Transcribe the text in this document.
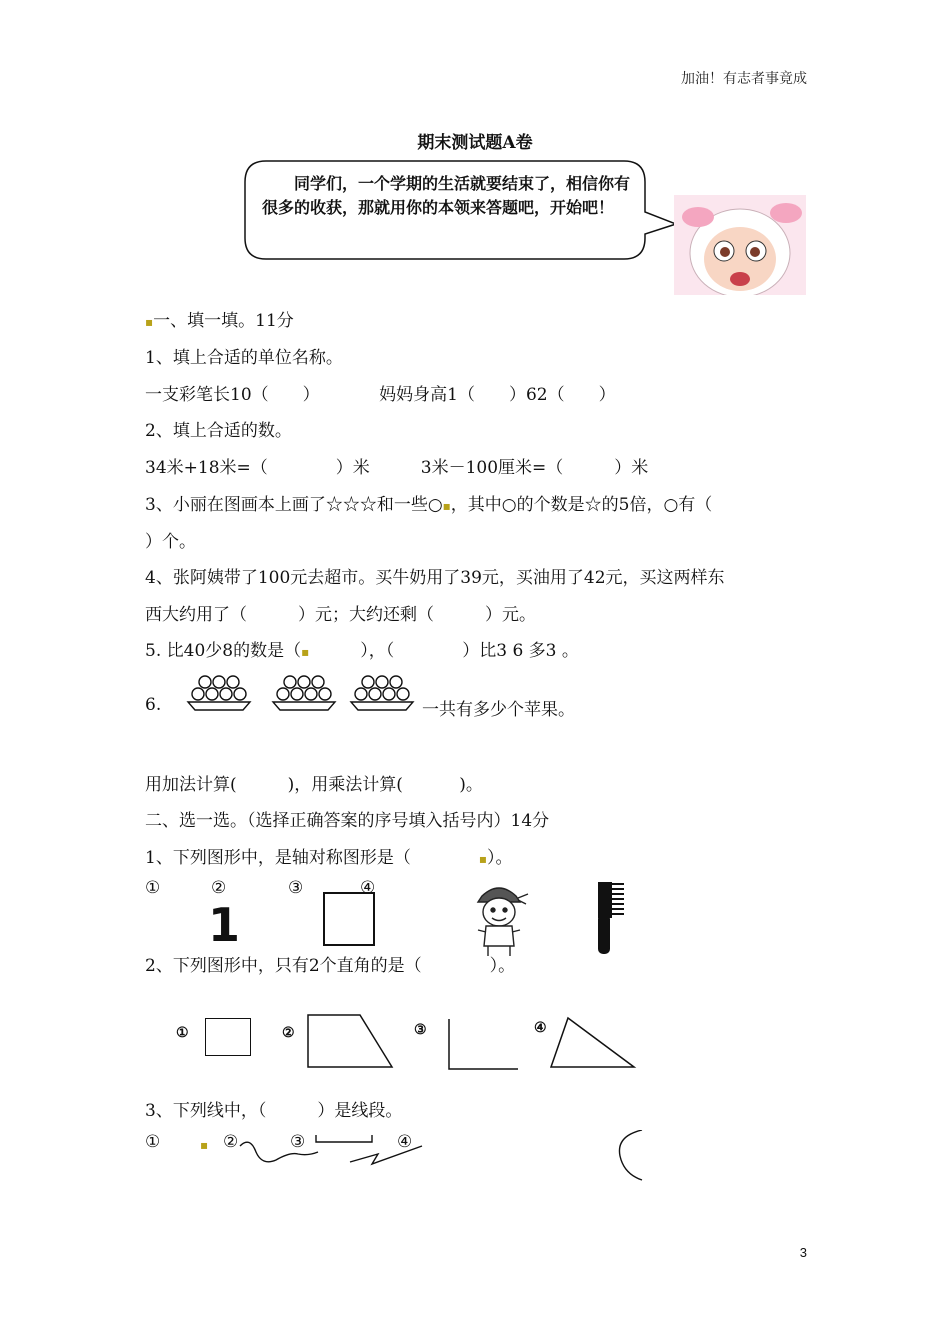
加油！有志者事竟成
期末测试题A卷
同学们，一个学期的生活就要结束了，相信你有很多的收获，那就用你的本领来答题吧，开始吧！
▪一、填一填。11分
1、填上合适的单位名称。
一支彩笔长10（　　）　　　　妈妈身高1（　　）62（　　）
2、填上合适的数。
34米+18米=（　　　　）米　　　3米－100厘米=（　　　）米
3、小丽在图画本上画了☆☆☆和一些○▪，其中○的个数是☆的5倍，○有（
）个。
4、张阿姨带了100元去超市。买牛奶用了39元，买油用了42元，买这两样东
西大约用了（　　　）元；大约还剩（　　　）元。
5. 比40少8的数是（▪　　　），（　　　　）比3 6 多3 。
6.	一共有多少个苹果。
用加法计算(　　　)，用乘法计算(　　　 )。
二、选一选。（选择正确答案的序号填入括号内）14分
1、下列图形中，是轴对称图形是（　　　　	▪）。
①	②	③	④
1
2、下列图形中，只有2个直角的是（　　　　）。
①	②	③	④
3、下列线中，（　　　）是线段。
①	▪ ②	③	④
3
